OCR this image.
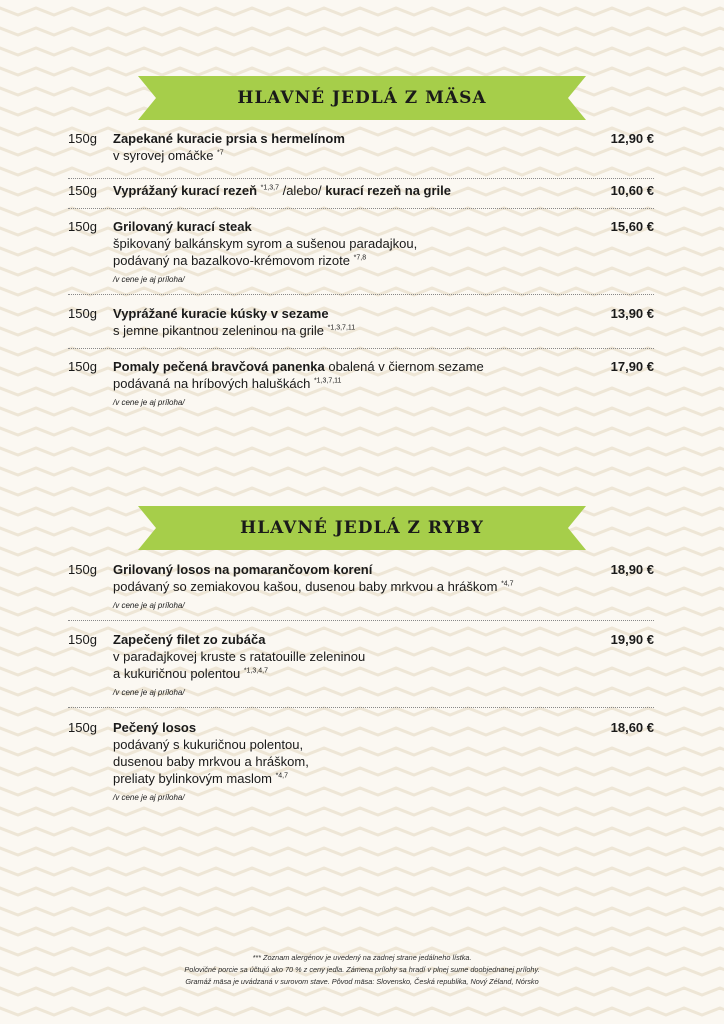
HLAVNÉ JEDLÁ Z MÄSA
150g Zapekané kuracie prsia s hermelínom
v syrovej omáčke $^{*7}$
12,90 €
150g Vyprážaný kurací rezeň $^{*1,3,7}$ /alebo/ kurací rezeň na grile	10,60 €
150g Grilovaný kurací steak
špikovaný balkánskym syrom a sušenou paradajkou,
podávaný na bazalkovo-krémovom rizote $^{*7,8}$
/v cene je aj príloha/
15,60 €
150g Vyprážané kuracie kúsky v sezame
s jemne pikantnou zeleninou na grile $^{*1,3,7,11}$
13,90 €
150g Pomaly pečená bravčová panenka obalená v čiernom sezame
podávaná na hríbových haluškách $^{*1,3,7,11}$
/v cene je aj príloha/
17,90 €
HLAVNÉ JEDLÁ Z RYBY
150g Grilovaný losos na pomarančovom korení
podávaný so zemiakovou kašou, dusenou baby mrkvou a hráškom $^{*4,7}$
/v cene je aj príloha/
18,90 €
150g Zapečený filet zo zubáča
v paradajkovej kruste s ratatouille zeleninou
a kukuričnou polentou $^{*1,3,4,7}$
/v cene je aj príloha/
19,90 €
150g Pečený losos
podávaný s kukuričnou polentou,
dusenou baby mrkvou a hráškom,
preliaty bylinkovým maslom $^{*4,7}$
/v cene je aj príloha/
18,60 €
*** Zoznam alergénov je uvedený na zadnej strane jedálneho lístka.
Polovičné porcie sa účtujú ako 70 % z ceny jedla. Zámena prílohy sa hradí v plnej sume doobjednanej prílohy.
Gramáž mäsa je uvádzaná v surovom stave. Pôvod mäsa: Slovensko, Česká republika, Nový Zéland, Nórsko
